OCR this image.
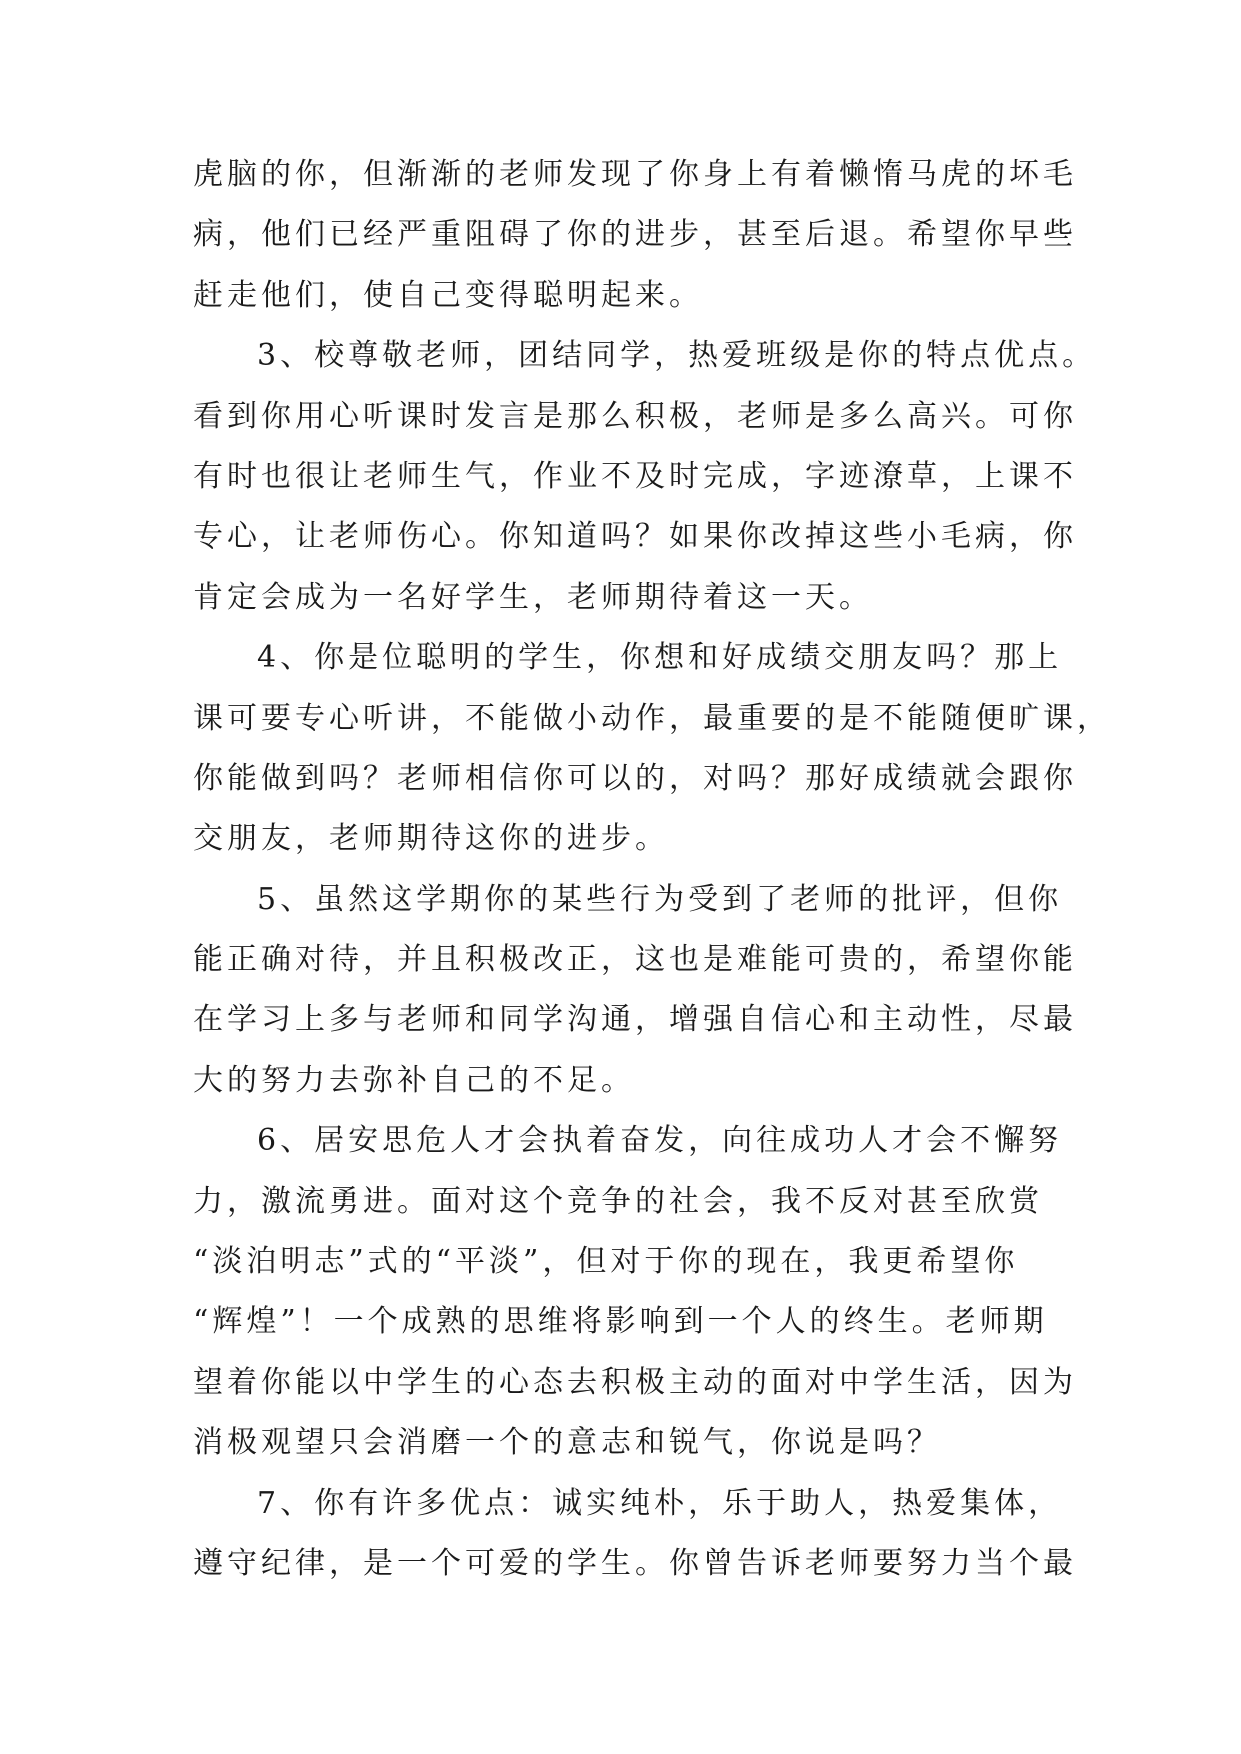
虎脑的你，但渐渐的老师发现了你身上有着懒惰马虎的坏毛
病，他们已经严重阻碍了你的进步，甚至后退。希望你早些
赶走他们，使自己变得聪明起来。
3、校尊敬老师，团结同学，热爱班级是你的特点优点。
看到你用心听课时发言是那么积极，老师是多么高兴。可你
有时也很让老师生气，作业不及时完成，字迹潦草，上课不
专心，让老师伤心。你知道吗？如果你改掉这些小毛病，你
肯定会成为一名好学生，老师期待着这一天。
4、你是位聪明的学生，你想和好成绩交朋友吗？那上
课可要专心听讲，不能做小动作，最重要的是不能随便旷课，
你能做到吗？老师相信你可以的，对吗？那好成绩就会跟你
交朋友，老师期待这你的进步。
5、虽然这学期你的某些行为受到了老师的批评，但你
能正确对待，并且积极改正，这也是难能可贵的，希望你能
在学习上多与老师和同学沟通，增强自信心和主动性，尽最
大的努力去弥补自己的不足。
6、居安思危人才会执着奋发，向往成功人才会不懈努
力，激流勇进。面对这个竞争的社会，我不反对甚至欣赏
“淡泊明志”式的“平淡”，但对于你的现在，我更希望你
“辉煌”！一个成熟的思维将影响到一个人的终生。老师期
望着你能以中学生的心态去积极主动的面对中学生活，因为
消极观望只会消磨一个的意志和锐气，你说是吗？
7、你有许多优点：诚实纯朴，乐于助人，热爱集体，
遵守纪律，是一个可爱的学生。你曾告诉老师要努力当个最
